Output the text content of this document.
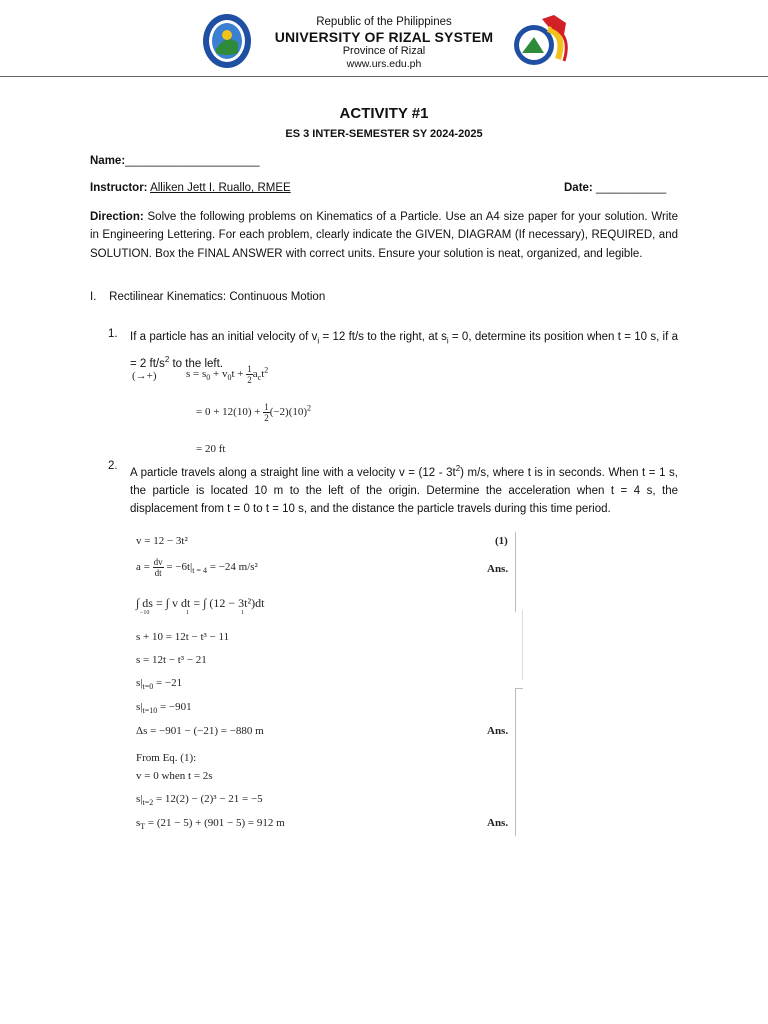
Republic of the Philippines
UNIVERSITY OF RIZAL SYSTEM
Province of Rizal
www.urs.edu.ph
ACTIVITY #1
ES 3 INTER-SEMESTER SY 2024-2025
Name:_____________________
Instructor: Alliken Jett I. Ruallo, RMEE	Date: ___________
Direction: Solve the following problems on Kinematics of a Particle. Use an A4 size paper for your solution. Write in Engineering Lettering. For each problem, clearly indicate the GIVEN, DIAGRAM (If necessary), REQUIRED, and SOLUTION. Box the FINAL ANSWER with correct units. Ensure your solution is neat, organized, and legible.
I.    Rectilinear Kinematics: Continuous Motion
1. If a particle has an initial velocity of $v_i = 12$ ft/s to the right, at $s_i = 0$, determine its position when t = 10 s, if a = 2 $ft/s^2$ to the left.
(→+)	$s = s_0 + v_0t + \frac{1}{2} a_ct^2$
= $0 + 12(10) + \frac{1}{2} (-2)(10)^2$
= 20 ft
2.
A particle travels along a straight line with a velocity $v = (12 - 3t^2)$ m/s, where t is in seconds. When t = 1 s, the particle is located 10 m to the left of the origin. Determine the acceleration when t = 4 s, the displacement from t = 0 to t = 10 s, and the distance the particle travels during this time period.
v = 12 − 3t²	(1)
$a = \frac{dv}{dt} = -6t|_{t = 4} = -24$ m/s²	Ans.
∫ ds = ∫ v dt = ∫ (12 − 3t²)dt
−10	1	1
s + 10 = 12t − t³ − 11
s = 12t − t³ − 21
$s|_{t=0} = -21$
$s|_{t=10} = -901$
Δs = −901 − (−21) = −880 m	Ans.
From Eq. (1):
v = 0 when t = 2s
$s|_{t=2} = 12(2) - (2)^3 - 21 = -5$
$s_T = (21 - 5) + (901 - 5) = 912$ m	Ans.
